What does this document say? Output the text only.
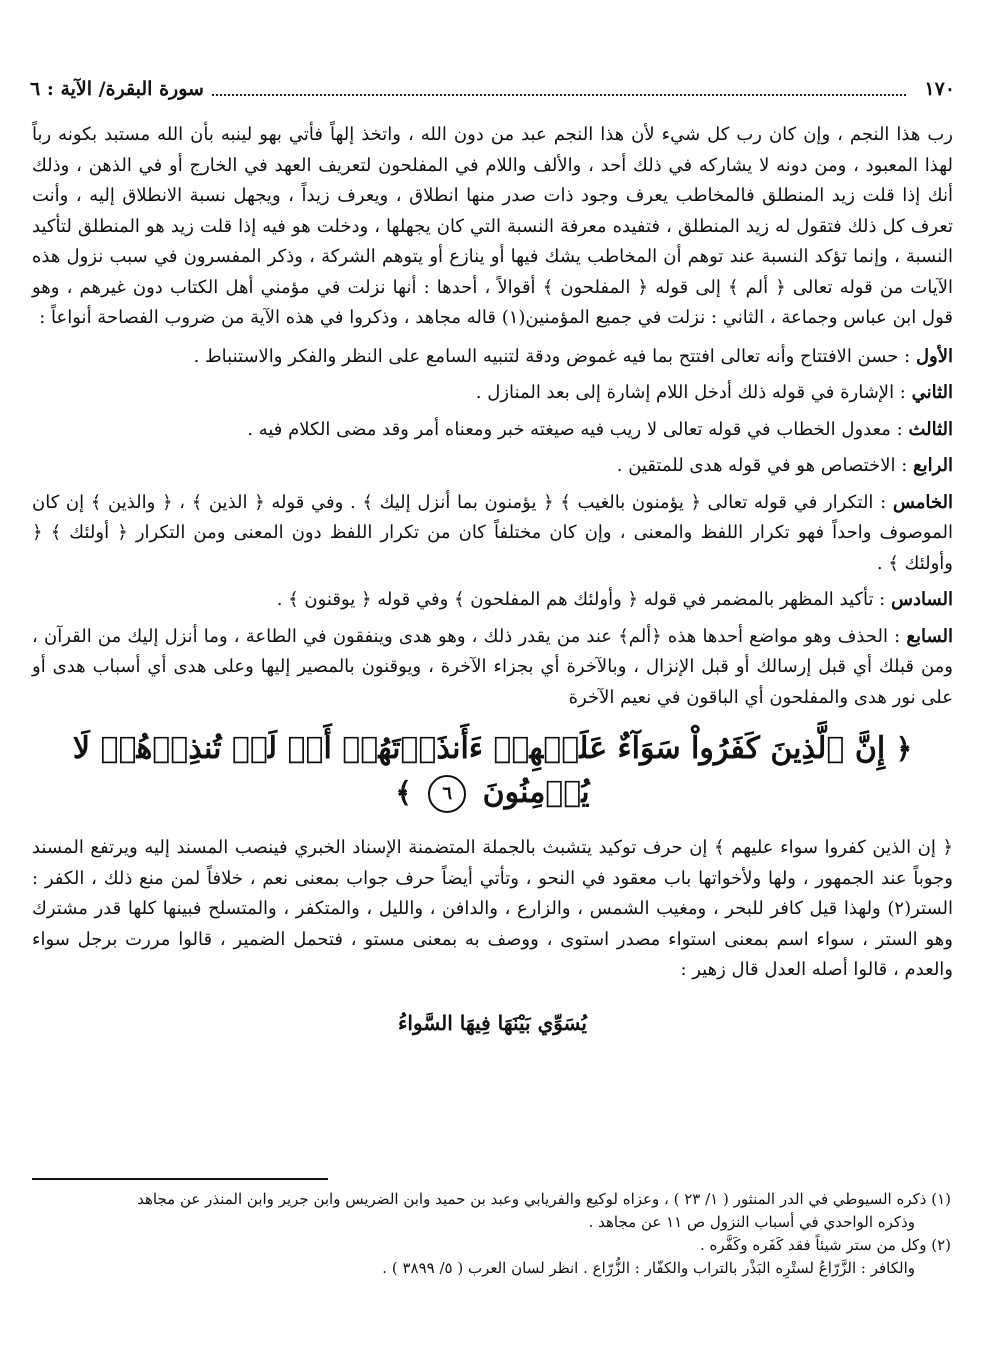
١٧٠
سورة البقرة/ الآية : ٦

رب هذا النجم ، وإن كان رب كل شيء لأن هذا النجم عبد من دون الله ، واتخذ إلهاً فأتي بهو لينبه بأن الله مستبد بكونه رباً لهذا المعبود ، ومن دونه لا يشاركه في ذلك أحد ، والألف واللام في المفلحون لتعريف العهد في الخارج أو في الذهن ، وذلك أنك إذا قلت زيد المنطلق فالمخاطب يعرف وجود ذات صدر منها انطلاق ، ويعرف زيداً ، ويجهل نسبة الانطلاق إليه ، وأنت تعرف كل ذلك فتقول له زيد المنطلق ، فتفيده معرفة النسبة التي كان يجهلها ، ودخلت هو فيه إذا قلت زيد هو المنطلق لتأكيد النسبة ، وإنما تؤكد النسبة عند توهم أن المخاطب يشك فيها أو ينازع أو يتوهم الشركة ، وذكر المفسرون في سبب نزول هذه الآيات من قوله تعالى ﴿ ألم ﴾ إلى قوله ﴿ المفلحون ﴾ أقوالاً ، أحدها : أنها نزلت في مؤمني أهل الكتاب دون غيرهم ، وهو قول ابن عباس وجماعة ، الثاني : نزلت في جميع المؤمنين(١) قاله مجاهد ، وذكروا في هذه الآية من ضروب الفصاحة أنواعاً :

الأول : حسن الافتتاح وأنه تعالى افتتح بما فيه غموض ودقة لتنبيه السامع على النظر والفكر والاستنباط .

الثاني : الإشارة في قوله ذلك أدخل اللام إشارة إلى بعد المنازل .

الثالث : معدول الخطاب في قوله تعالى لا ريب فيه صيغته خبر ومعناه أمر وقد مضى الكلام فيه .

الرابع : الاختصاص هو في قوله هدى للمتقين .

الخامس : التكرار في قوله تعالى ﴿ يؤمنون بالغيب ﴾ ﴿ يؤمنون بما أنزل إليك ﴾ . وفي قوله ﴿ الذين ﴾ ، ﴿ والذين ﴾ إن كان الموصوف واحداً فهو تكرار اللفظ والمعنى ، وإن كان مختلفاً كان من تكرار اللفظ دون المعنى ومن التكرار ﴿ أولئك ﴾ ﴿ وأولئك ﴾ .

السادس : تأكيد المظهر بالمضمر في قوله ﴿ وأولئك هم المفلحون ﴾ وفي قوله ﴿ يوقنون ﴾ .

السابع : الحذف وهو مواضع أحدها هذه ﴿ألم﴾ عند من يقدر ذلك ، وهو هدى وينفقون في الطاعة ، وما أنزل إليك من القرآن ، ومن قبلك أي قبل إرسالك أو قبل الإنزال ، وبالآخرة أي بجزاء الآخرة ، ويوقنون بالمصير إليها وعلى هدى أي أسباب هدى أو على نور هدى والمفلحون أي الباقون في نعيم الآخرة

﴿ إِنَّ ٱلَّذِينَ كَفَرُواْ سَوَآءٌ عَلَيۡهِمۡ ءَأَنذَرۡتَهُمۡ أَمۡ لَمۡ تُنذِرۡهُمۡ لَا يُؤۡمِنُونَ ٦ ﴾

﴿ إن الذين كفروا سواء عليهم ﴾ إن حرف توكيد يتشبث بالجملة المتضمنة الإسناد الخبري فينصب المسند إليه ويرتفع المسند وجوباً عند الجمهور ، ولها ولأخواتها باب معقود في النحو ، وتأتي أيضاً حرف جواب بمعنى نعم ، خلافاً لمن منع ذلك ، الكفر : الستر(٢) ولهذا قيل كافر للبحر ، ومغيب الشمس ، والزارع ، والدافن ، والليل ، والمتكفر ، والمتسلح فبينها كلها قدر مشترك وهو الستر ، سواء اسم بمعنى استواء مصدر استوى ، ووصف به بمعنى مستو ، فتحمل الضمير ، قالوا مررت برجل سواء والعدم ، قالوا أصله العدل قال زهير :

يُسَوِّي بَيْنَهَا فِيهَا السَّواءُ

(١) ذكره السيوطي في الدر المنثور ( ١/ ٢٣ ) ، وعزاه لوكيع والفريابي وعبد بن حميد وابن الضريس وابن جرير وابن المنذر عن مجاهد

وذكره الواحدي في أسباب النزول ص ١١ عن مجاهد .

(٢) وكل من ستر شيئاً فقد كَفَره وكَفَّره .

والكافر : الزَّرّاعُ لستْرِه البَذْر بالتراب والكفّار : الزُّرّاع . انظر لسان العرب ( ٥/ ٣٨٩٩ ) .
